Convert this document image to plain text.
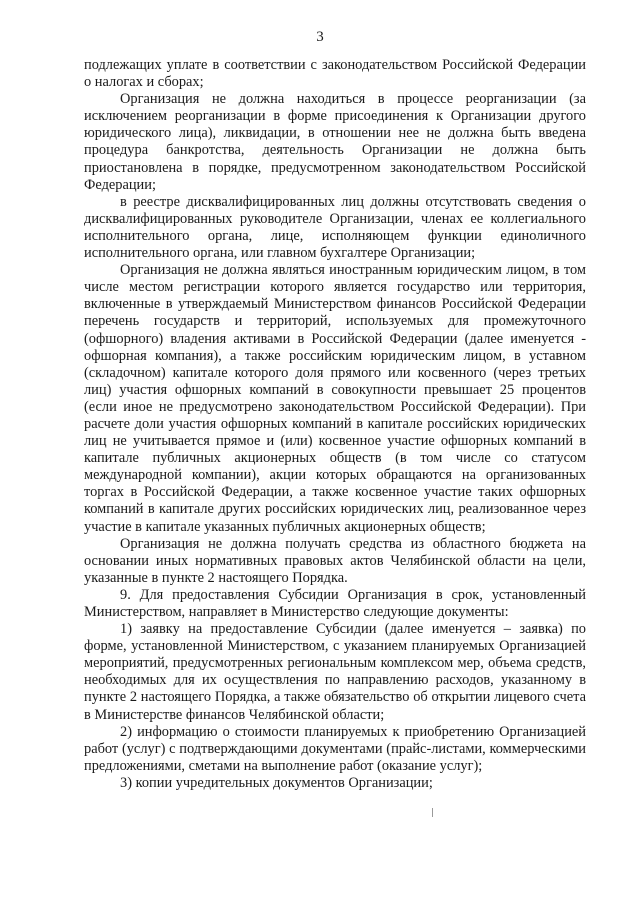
3

подлежащих уплате в соответствии с законодательством Российской Федерации о налогах и сборах;

Организация не должна находиться в процессе реорганизации (за исключением реорганизации в форме присоединения к Организации другого юридического лица), ликвидации, в отношении нее не должна быть введена процедура банкротства, деятельность Организации не должна быть приостановлена в порядке, предусмотренном законодательством Российской Федерации;

в реестре дисквалифицированных лиц должны отсутствовать сведения о дисквалифицированных руководителе Организации, членах ее коллегиального исполнительного органа, лице, исполняющем функции единоличного исполнительного органа, или главном бухгалтере Организации;

Организация не должна являться иностранным юридическим лицом, в том числе местом регистрации которого является государство или территория, включенные в утверждаемый Министерством финансов Российской Федерации перечень государств и территорий, используемых для промежуточного (офшорного) владения активами в Российской Федерации (далее именуется - офшорная компания), а также российским юридическим лицом, в уставном (складочном) капитале которого доля прямого или косвенного (через третьих лиц) участия офшорных компаний в совокупности превышает 25 процентов (если иное не предусмотрено законодательством Российской Федерации). При расчете доли участия офшорных компаний в капитале российских юридических лиц не учитывается прямое и (или) косвенное участие офшорных компаний в капитале публичных акционерных обществ (в том числе со статусом международной компании), акции которых обращаются на организованных торгах в Российской Федерации, а также косвенное участие таких офшорных компаний в капитале других российских юридических лиц, реализованное через участие в капитале указанных публичных акционерных обществ;

Организация не должна получать средства из областного бюджета на основании иных нормативных правовых актов Челябинской области на цели, указанные в пункте 2 настоящего Порядка.

9. Для предоставления Субсидии Организация в срок, установленный Министерством, направляет в Министерство следующие документы:

1) заявку на предоставление Субсидии (далее именуется – заявка) по форме, установленной Министерством, с указанием планируемых Организацией мероприятий, предусмотренных региональным комплексом мер, объема средств, необходимых для их осуществления по направлению расходов, указанному в пункте 2 настоящего Порядка, а также обязательство об открытии лицевого счета в Министерстве финансов Челябинской области;

2) информацию о стоимости планируемых к приобретению Организацией работ (услуг) с подтверждающими документами (прайс-листами, коммерческими предложениями, сметами на выполнение работ (оказание услуг);

3) копии учредительных документов Организации;
